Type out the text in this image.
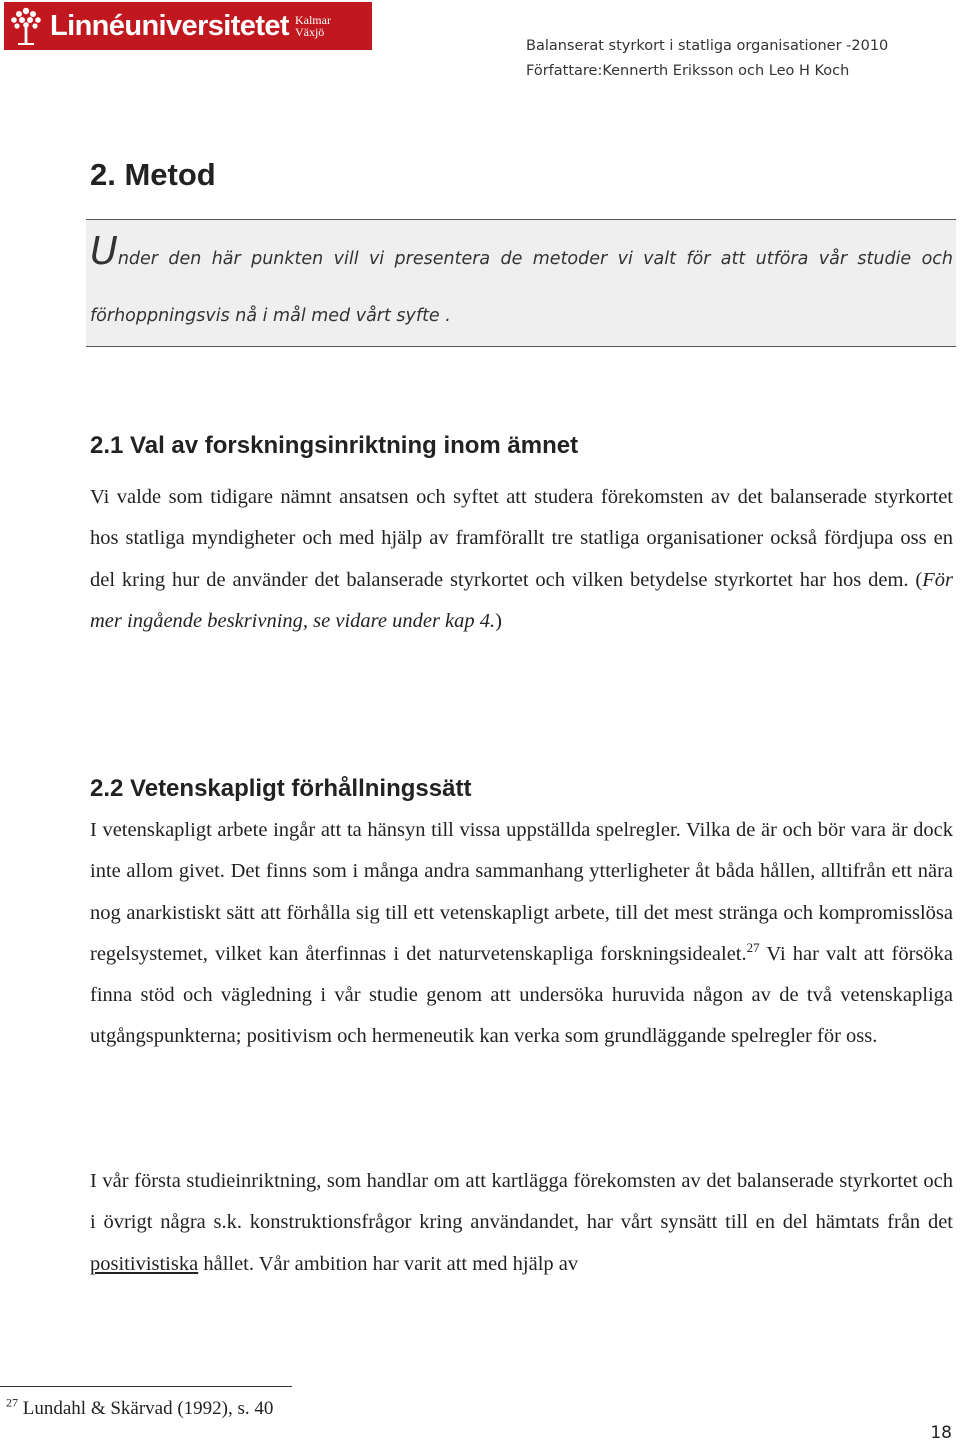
Linnéuniversitetet Kalmar
Växjö
Balanserat styrkort i statliga organisationer -2010
Författare:Kennerth Eriksson och Leo H Koch
2. Metod
Under den här punkten vill vi presentera de metoder vi valt för att utföra vår studie och
förhoppningsvis nå i mål med vårt syfte .
2.1 Val av forskningsinriktning inom ämnet

Vi valde som tidigare nämnt ansatsen och syftet att studera förekomsten av det balanserade styrkortet hos statliga myndigheter och med hjälp av framförallt tre statliga organisationer också fördjupa oss en del kring hur de använder det balanserade styrkortet och vilken betydelse styrkortet har hos dem. (För mer ingående beskrivning, se vidare under kap 4.)

2.2 Vetenskapligt förhållningssätt

I vetenskapligt arbete ingår att ta hänsyn till vissa uppställda spelregler. Vilka de är och bör vara är dock inte allom givet. Det finns som i många andra sammanhang ytterligheter åt båda hållen, alltifrån ett nära nog anarkistiskt sätt att förhålla sig till ett vetenskapligt arbete, till det mest stränga och kompromisslösa regelsystemet, vilket kan återfinnas i det naturvetenskapliga forskningsidealet.$^{27}$ Vi har valt att försöka finna stöd och vägledning i vår studie genom att undersöka huruvida någon av de två vetenskapliga utgångspunkterna; positivism och hermeneutik kan verka som grundläggande spelregler för oss.

I vår första studieinriktning, som handlar om att kartlägga förekomsten av det balanserade styrkortet och i övrigt några s.k. konstruktionsfrågor kring användandet, har vårt synsätt till en del hämtats från det positivistiska hållet. Vår ambition har varit att med hjälp av

$^{27}$ Lundahl & Skärvad (1992), s. 40
18
